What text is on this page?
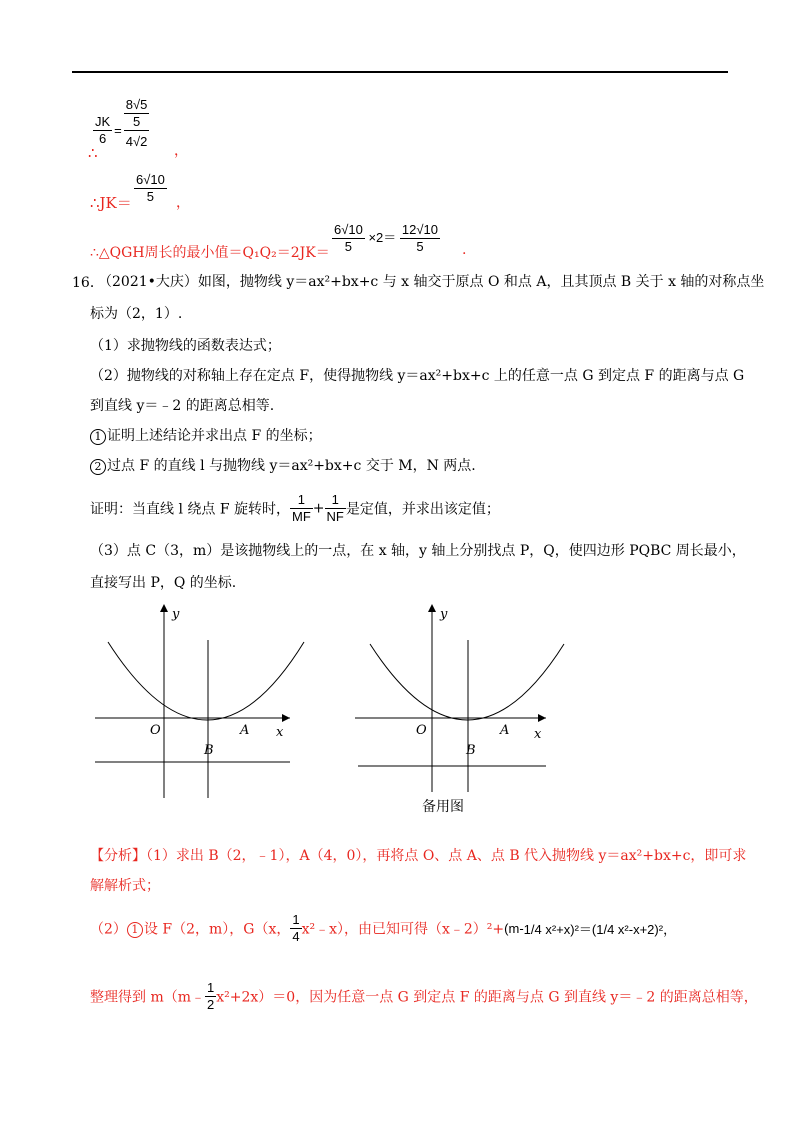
$\frac{JK}{6}$	=	$\frac{8√5}{5}$

4√2
∴	，
∴JK＝ $\frac{6√10}{5}$ ，
∴△QGH周长的最小值$=Q_1Q_2=2JK= \frac{6√10}{5} \times 2= \frac{12√10}{5}$ .
16．
（2021•大庆）如图，抛物线 y＝ax²+bx+c 与 x 轴交于原点 O 和点 A，且其顶点 B 关于 x 轴的对称点坐
标为（2，1）.
（1）求抛物线的函数表达式；
（2）抛物线的对称轴上存在定点 F，使得抛物线 y＝ax²+bx+c 上的任意一点 G 到定点 F 的距离与点 G
到直线 y＝﹣2 的距离总相等.
1 证明上述结论并求出点 F 的坐标；
2 过点 F 的直线 l 与抛物线 y＝ax²+bx+c 交于 M，N 两点.
证明：当直线 l 绕点 F 旋转时， $\frac{1}{MF} + \frac{1}{NF}$ 是定值，并求出该定值；
（3）点 C（3，m）是该抛物线上的一点，在 x 轴，y 轴上分别找点 P，Q，使四边形 PQBC 周长最小，
直接写出 P，Q 的坐标.
y
x
O	A
B
y
x
O	A
B
备用图
【分析】（1）求出 B（2，﹣1），A（4，0），再将点 O、点 A、点 B 代入抛物线 y＝ax²+bx+c，即可求
解解析式；
（2） 1 设 F（2，m），G（x， $\frac{1}{4}$ x²﹣x），由已知可得（x﹣2）²+(m-1/4 x²+x)²＝(1/4 x²-x+2)²，
整理得到 m（m﹣ $\frac{1}{2} x^2+2x)=0$，因为任意一点 G 到定点 F 的距离与点 G 到直线 y＝﹣2 的距离总相等，
